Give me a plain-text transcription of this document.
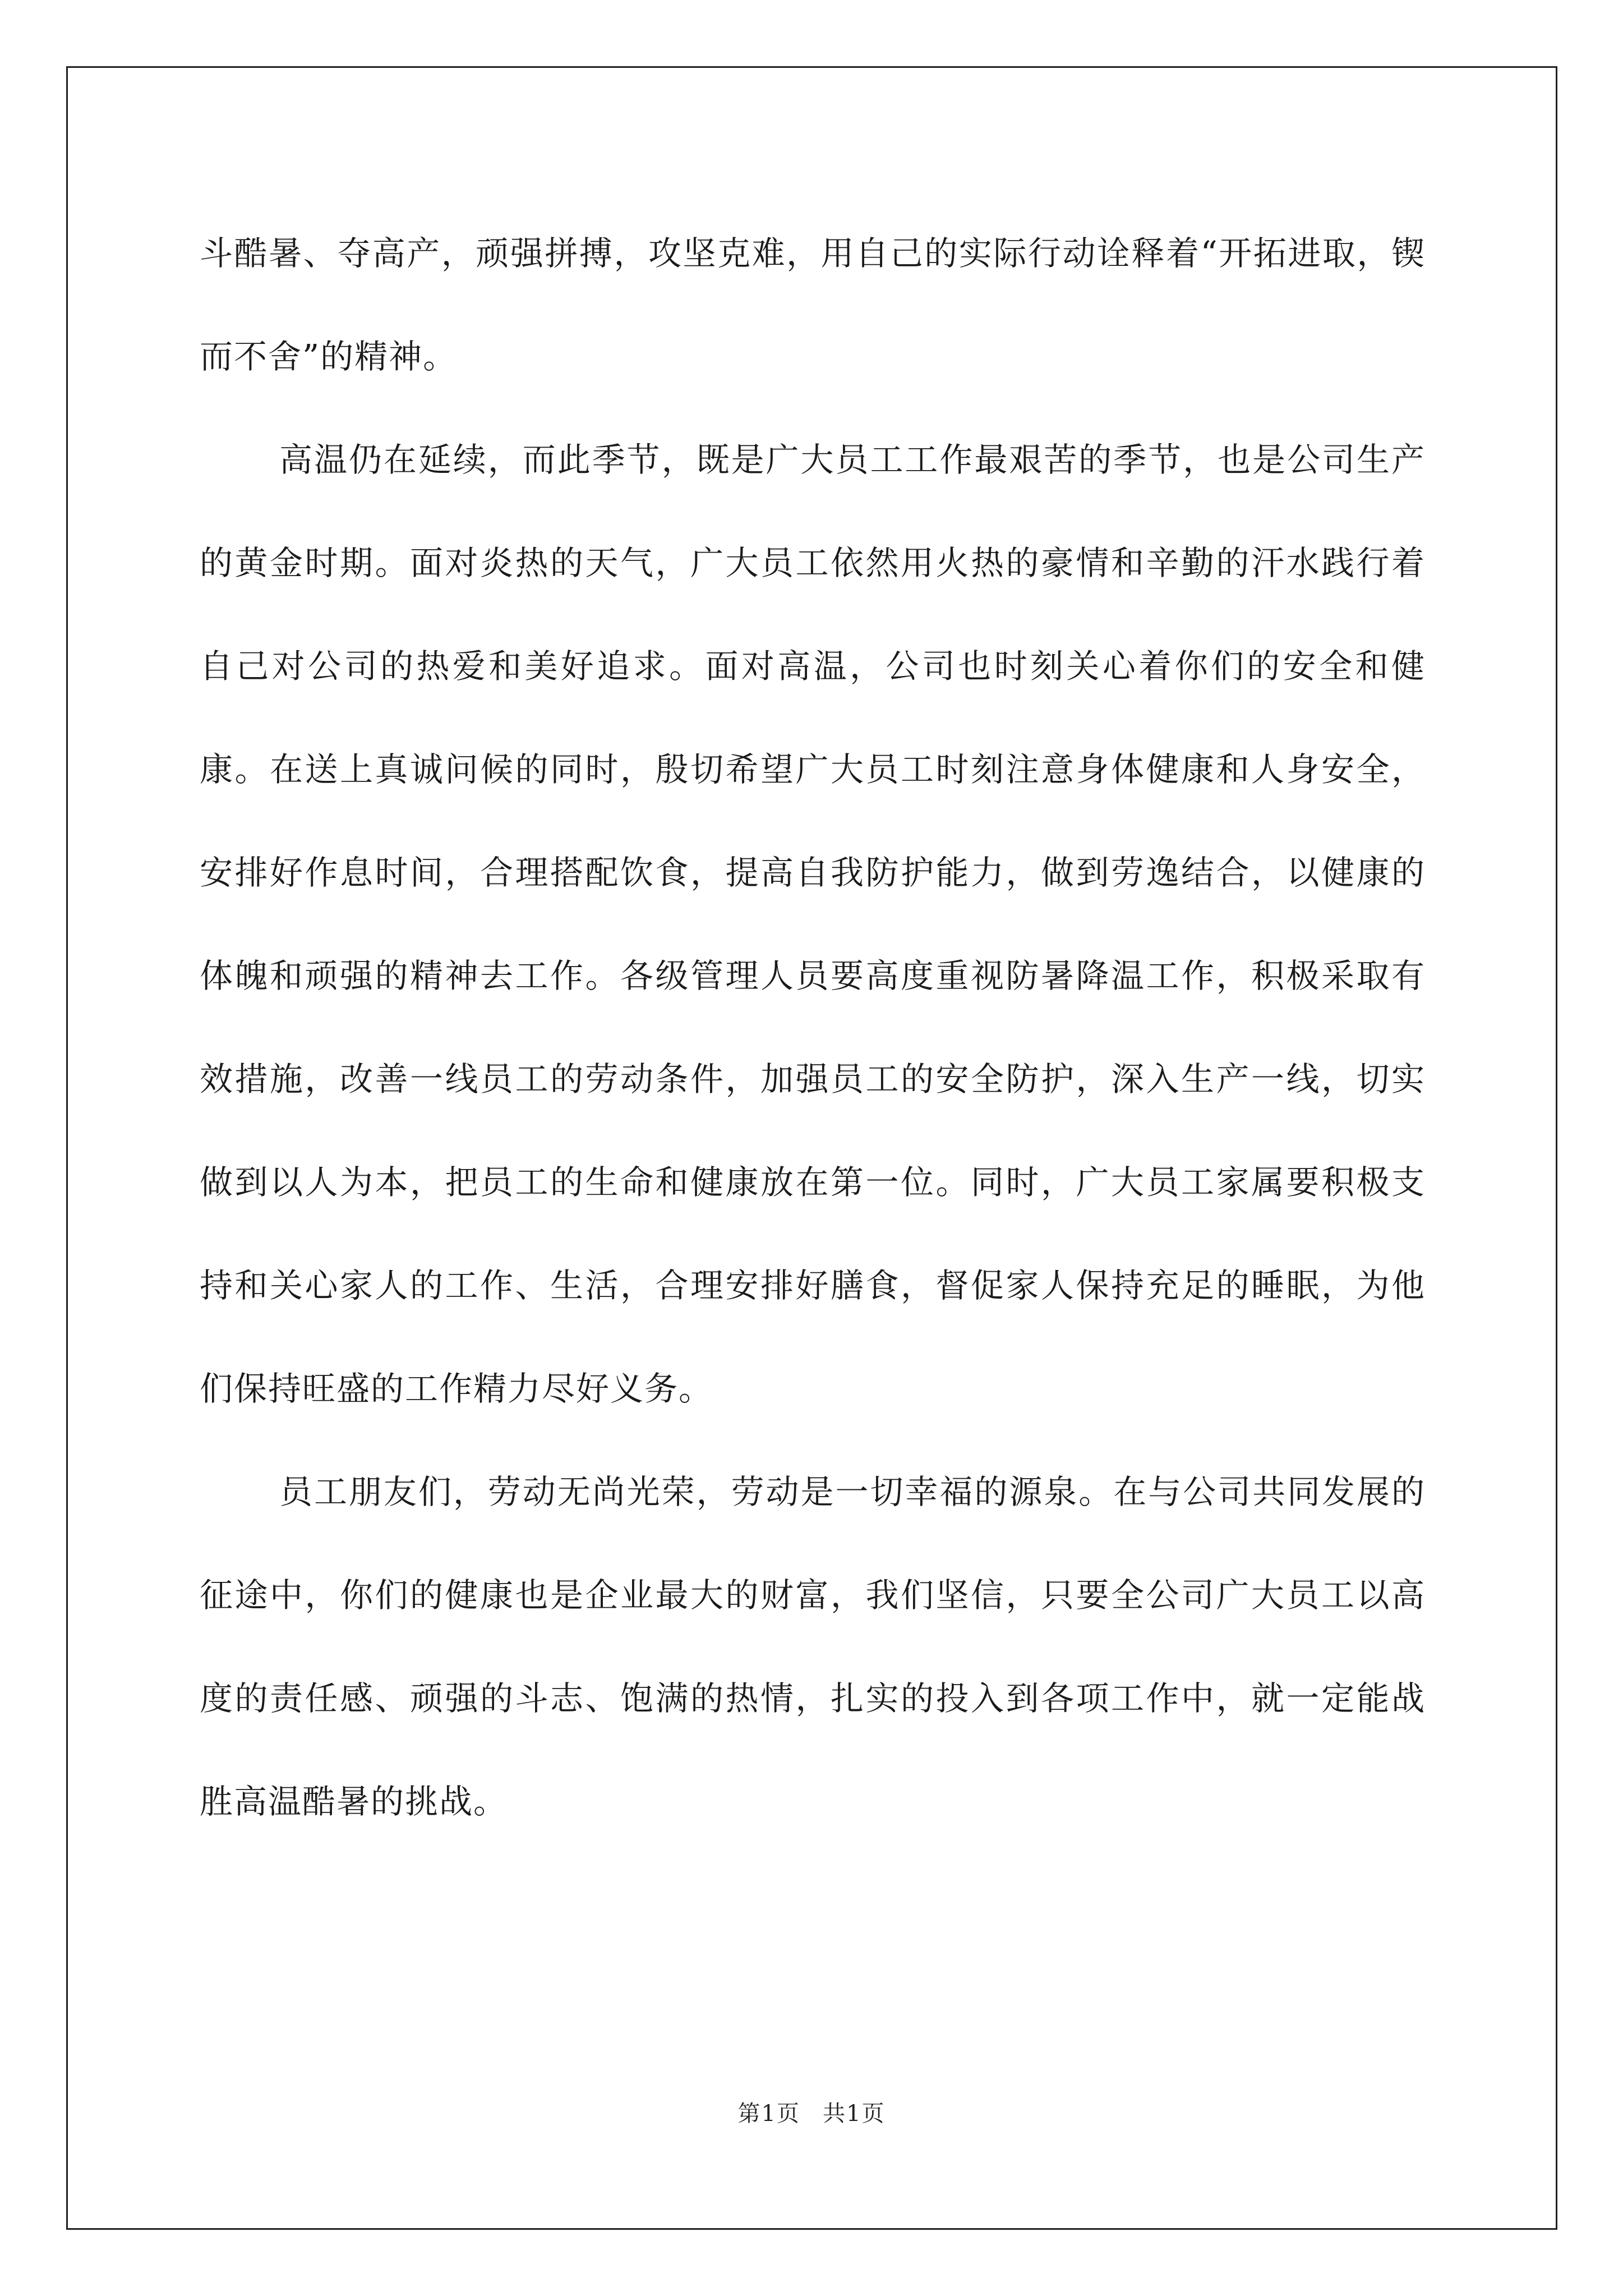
斗酷暑、夺高产，顽强拼搏，攻坚克难，用自己的实际行动诠释着“开拓进取，锲而不舍”的精神。

高温仍在延续，而此季节，既是广大员工工作最艰苦的季节，也是公司生产的黄金时期。面对炎热的天气，广大员工依然用火热的豪情和辛勤的汗水践行着自己对公司的热爱和美好追求。面对高温，公司也时刻关心着你们的安全和健康。在送上真诚问候的同时，殷切希望广大员工时刻注意身体健康和人身安全，安排好作息时间，合理搭配饮食，提高自我防护能力，做到劳逸结合，以健康的体魄和顽强的精神去工作。各级管理人员要高度重视防暑降温工作，积极采取有效措施，改善一线员工的劳动条件，加强员工的安全防护，深入生产一线，切实做到以人为本，把员工的生命和健康放在第一位。同时，广大员工家属要积极支持和关心家人的工作、生活，合理安排好膳食，督促家人保持充足的睡眠，为他们保持旺盛的工作精力尽好义务。

员工朋友们，劳动无尚光荣，劳动是一切幸福的源泉。在与公司共同发展的征途中，你们的健康也是企业最大的财富，我们坚信，只要全公司广大员工以高度的责任感、顽强的斗志、饱满的热情，扎实的投入到各项工作中，就一定能战胜高温酷暑的挑战。

第1页 共1页
